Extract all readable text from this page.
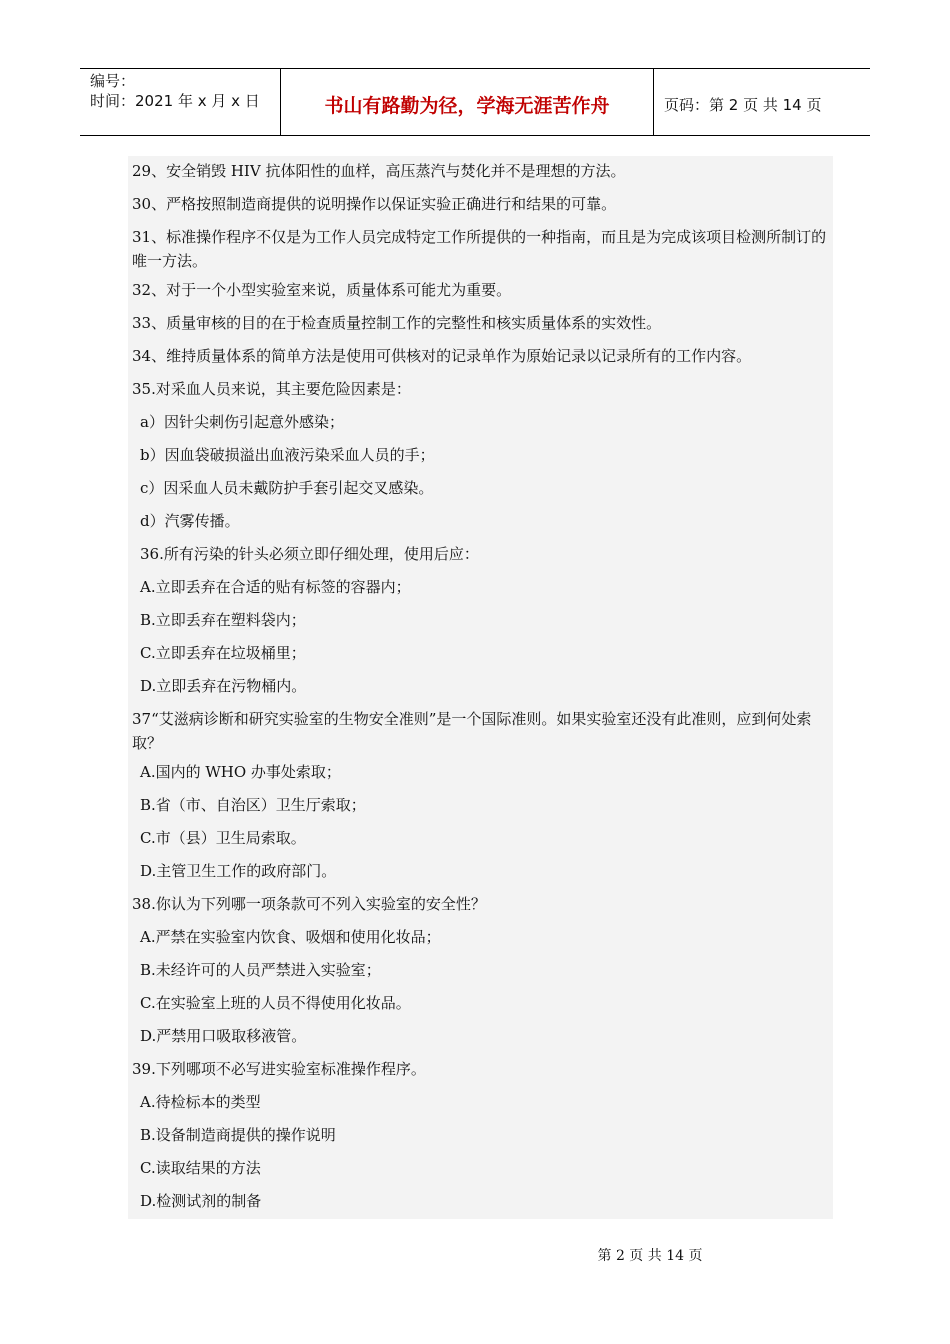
编号：
时间：2021 年 x 月 x 日	书山有路勤为径，学海无涯苦作舟	页码：第 2 页 共 14 页
29、安全销毁 HIV 抗体阳性的血样，高压蒸汽与焚化并不是理想的方法。
30、严格按照制造商提供的说明操作以保证实验正确进行和结果的可靠。
31、标准操作程序不仅是为工作人员完成特定工作所提供的一种指南，而且是为完成该项目检测所制订的唯一方法。
32、对于一个小型实验室来说，质量体系可能尤为重要。
33、质量审核的目的在于检查质量控制工作的完整性和核实质量体系的实效性。
34、维持质量体系的简单方法是使用可供核对的记录单作为原始记录以记录所有的工作内容。
35.对采血人员来说，其主要危险因素是：
a）因针尖刺伤引起意外感染；
b）因血袋破损溢出血液污染采血人员的手；
c）因采血人员未戴防护手套引起交叉感染。
d）汽雾传播。
36.所有污染的针头必须立即仔细处理，使用后应：
A.立即丢弃在合适的贴有标签的容器内；
B.立即丢弃在塑料袋内；
C.立即丢弃在垃圾桶里；
D.立即丢弃在污物桶内。
37“艾滋病诊断和研究实验室的生物安全准则”是一个国际准则。如果实验室还没有此准则，应到何处索取？
A.国内的 WHO 办事处索取；
B.省（市、自治区）卫生厅索取；
C.市（县）卫生局索取。
D.主管卫生工作的政府部门。
38.你认为下列哪一项条款可不列入实验室的安全性？
A.严禁在实验室内饮食、吸烟和使用化妆品；
B.未经许可的人员严禁进入实验室；
C.在实验室上班的人员不得使用化妆品。
D.严禁用口吸取移液管。
39.下列哪项不必写进实验室标准操作程序。
A.待检标本的类型
B.设备制造商提供的操作说明
C.读取结果的方法
D.检测试剂的制备
第 2 页 共 14 页
